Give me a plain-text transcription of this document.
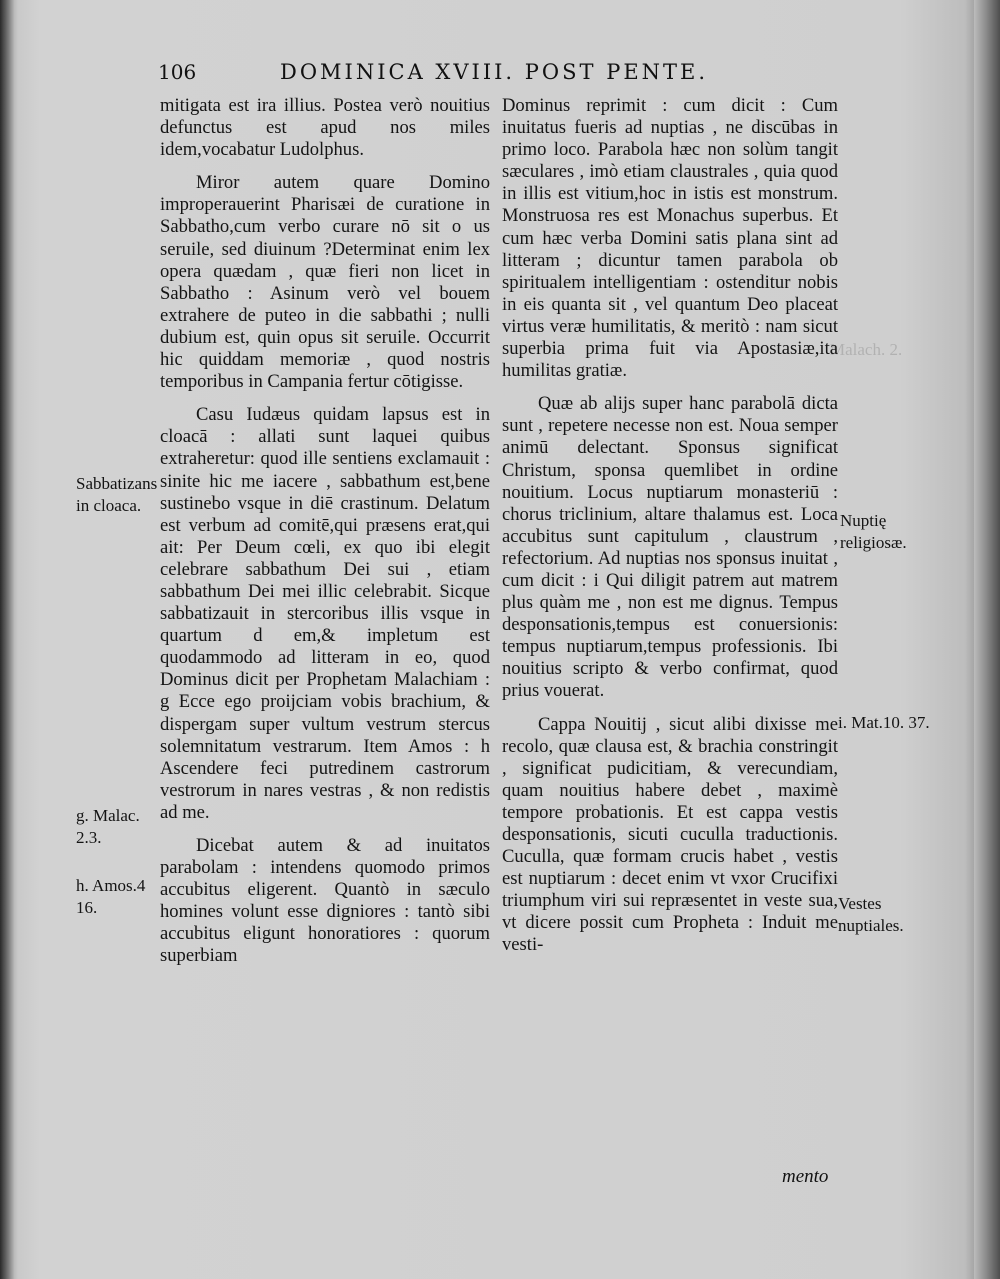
Malach. 2.
106	DOMINICA XVIII. POST PENTE.

mitigata est ira illius. Postea verò nouitius defunctus est apud nos miles idem,vocabatur Ludolphus.

Miror autem quare Domino improperauerint Pharisæi de curatione in Sabbatho,cum verbo curare nō sit o us seruile, sed diuinum ?Determinat enim lex opera quædam , quæ fieri non licet in Sabbatho : Asinum verò vel bouem extrahere de puteo in die sabbathi ; nulli dubium est, quin opus sit seruile. Occurrit hic quiddam memoriæ , quod nostris temporibus in Campania fertur cōtigisse.

Casu Iudæus quidam lapsus est in cloacā : allati sunt laquei quibus extraheretur: quod ille sentiens exclamauit : sinite hic me iacere , sabbathum est,bene sustinebo vsque in diē crastinum. Delatum est verbum ad comitē,qui præsens erat,qui ait: Per Deum cœli, ex quo ibi elegit celebrare sabbathum Dei sui , etiam sabbathum Dei mei illic celebrabit. Sicque sabbatizauit in stercoribus illis vsque in quartum d em,& impletum est quodammodo ad litteram in eo, quod Dominus dicit per Prophetam Malachiam : g Ecce ego proijciam vobis brachium, & dispergam super vultum vestrum stercus solemnitatum vestrarum. Item Amos : h Ascendere feci putredinem castrorum vestrorum in nares vestras , & non redistis ad me.

Dicebat autem & ad inuitatos parabolam : intendens quomodo primos accubitus eligerent. Quantò in sæculo homines volunt esse digniores : tantò sibi accubitus eligunt honoratiores : quorum superbiam

Dominus reprimit : cum dicit : Cum inuitatus fueris ad nuptias , ne discūbas in primo loco. Parabola hæc non solùm tangit sæculares , imò etiam claustrales , quia quod in illis est vitium,hoc in istis est monstrum. Monstruosa res est Monachus superbus. Et cum hæc verba Domini satis plana sint ad litteram ; dicuntur tamen parabola ob spiritualem intelligentiam : ostenditur nobis in eis quanta sit , vel quantum Deo placeat virtus veræ humilitatis, & meritò : nam sicut superbia prima fuit via Apostasiæ,ita humilitas gratiæ.

Quæ ab alijs super hanc parabolā dicta sunt , repetere necesse non est. Noua semper animū delectant. Sponsus significat Christum, sponsa quemlibet in ordine nouitium. Locus nuptiarum monasteriū : chorus triclinium, altare thalamus est. Loca accubitus sunt capitulum , claustrum , refectorium. Ad nuptias nos sponsus inuitat , cum dicit : i Qui diligit patrem aut matrem plus quàm me , non est me dignus. Tempus desponsationis,tempus est conuersionis: tempus nuptiarum,tempus professionis. Ibi nouitius scripto & verbo confirmat, quod prius vouerat.

Cappa Nouitij , sicut alibi dixisse me recolo, quæ clausa est, & brachia constringit , significat pudicitiam, & verecundiam, quam nouitius habere debet , maximè tempore probationis. Et est cappa vestis desponsationis, sicuti cuculla traductionis. Cuculla, quæ formam crucis habet , vestis est nuptiarum : decet enim vt vxor Crucifixi triumphum viri sui repræsentet in veste sua, vt dicere possit cum Propheta : Induit me vesti-

Sabbatizans in cloaca.
g. Malac. 2.3.
h. Amos.4 16.
Nuptię religiosæ.
i. Mat.10. 37.
Vestes nuptiales.
mento
